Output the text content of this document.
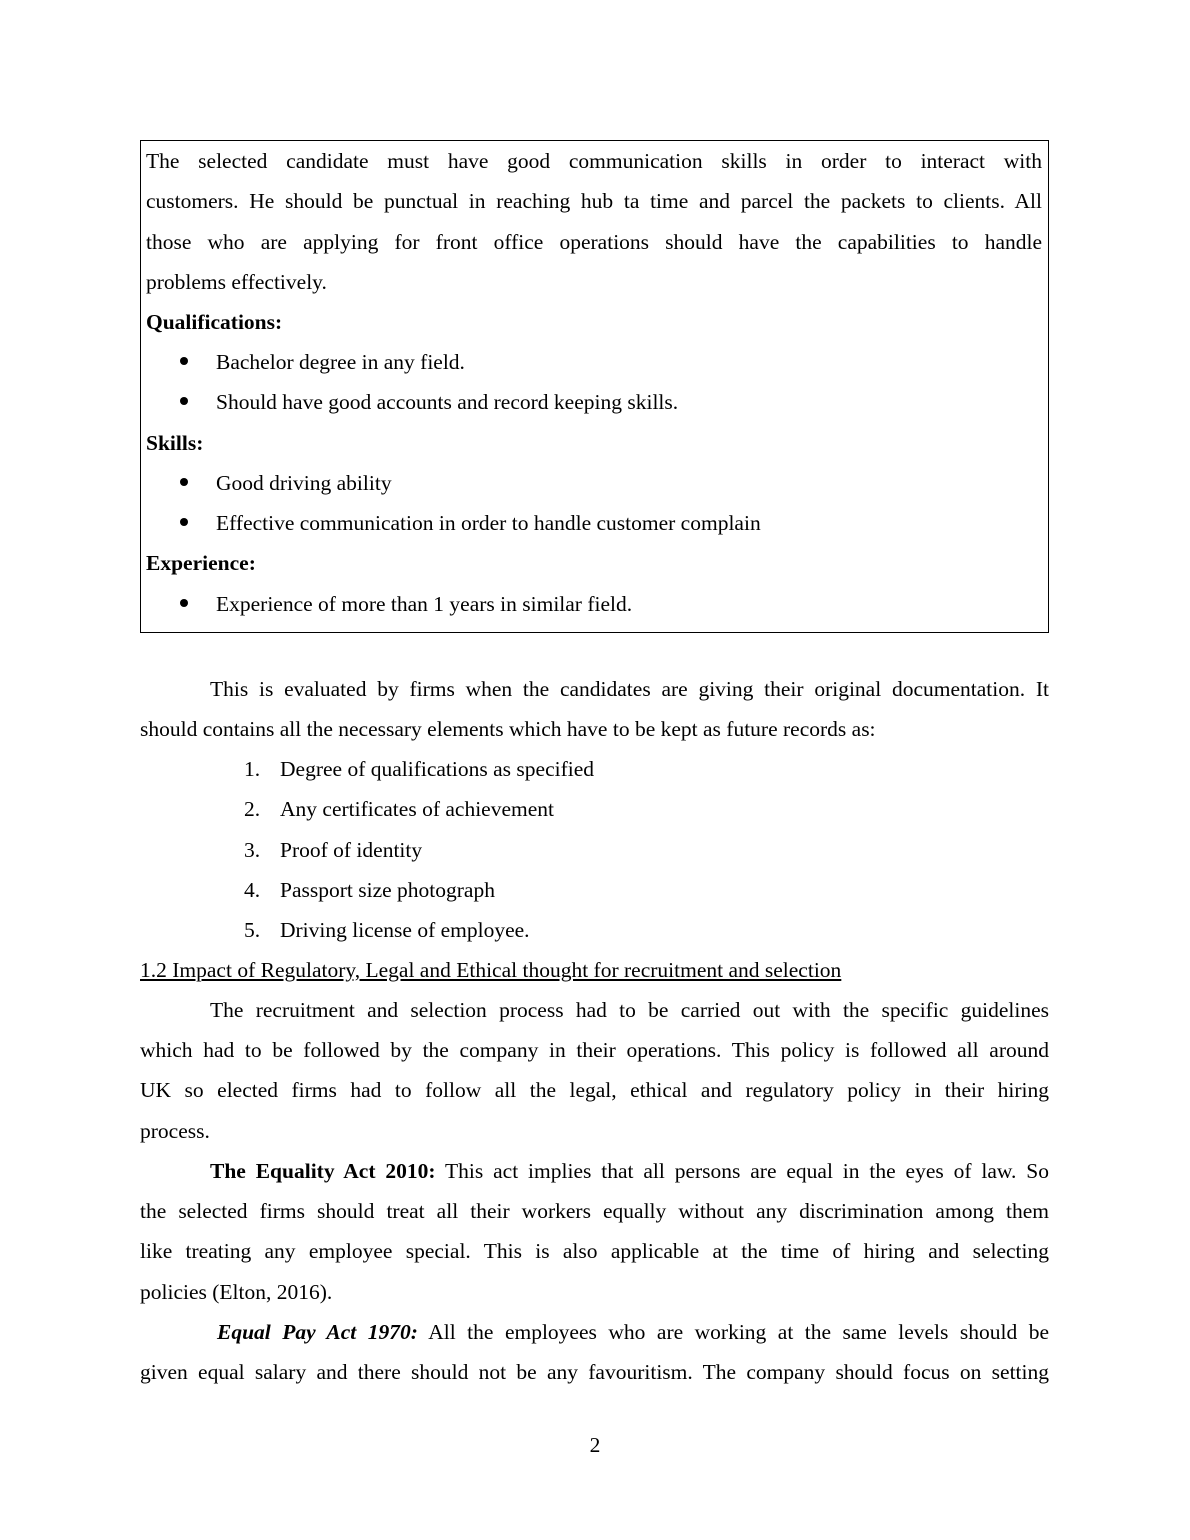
The selected candidate must have good communication skills in order to interact with
customers. He should be punctual in reaching hub ta time and parcel the packets to clients. All
those who are applying for front office operations should have the capabilities to handle
problems effectively.
Qualifications:
Bachelor degree in any field.
Should have good accounts and record keeping skills.
Skills:
Good driving ability
Effective communication in order to handle customer complain
Experience:
Experience of more than 1 years in similar field.
This is evaluated by firms when the candidates are giving their original documentation. It
should contains all the necessary elements which have to be kept as future records as:
1. Degree of qualifications as specified
2. Any certificates of achievement
3. Proof of identity
4. Passport size photograph
5. Driving license of employee.
1.2 Impact of Regulatory, Legal and Ethical thought for recruitment and selection
The recruitment and selection process had to be carried out with the specific guidelines
which had to be followed by the company in their operations. This policy is followed all around
UK so elected firms had to follow all the legal, ethical and regulatory policy in their hiring
process.
The Equality Act 2010: This act implies that all persons are equal in the eyes of law. So
the selected firms should treat all their workers equally without any discrimination among them
like treating any employee special. This is also applicable at the time of hiring and selecting
policies (Elton, 2016).
Equal Pay Act 1970: All the employees who are working at the same levels should be
given equal salary and there should not be any favouritism. The company should focus on setting
2
